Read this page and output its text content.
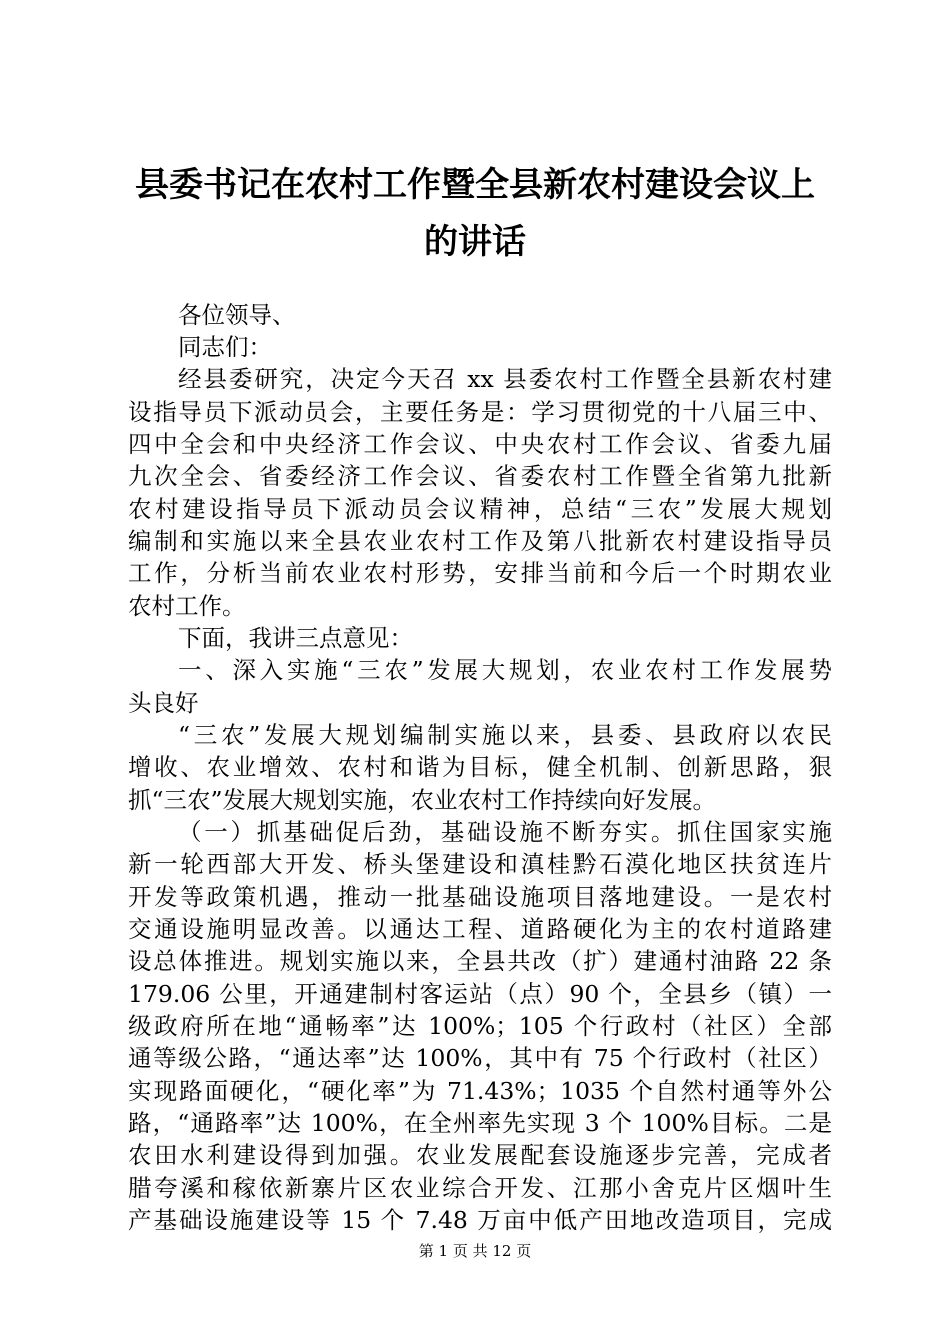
县委书记在农村工作暨全县新农村建设会议上
的讲话
各位领导、
同志们：
经县委研究，决定今天召 xx 县委农村工作暨全县新农村建
设指导员下派动员会，主要任务是：学习贯彻党的十八届三中、
四中全会和中央经济工作会议、中央农村工作会议、省委九届
九次全会、省委经济工作会议、省委农村工作暨全省第九批新
农村建设指导员下派动员会议精神，总结“三农”发展大规划
编制和实施以来全县农业农村工作及第八批新农村建设指导员
工作，分析当前农业农村形势，安排当前和今后一个时期农业
农村工作。
下面，我讲三点意见：
一、深入实施“三农”发展大规划，农业农村工作发展势
头良好
“三农”发展大规划编制实施以来，县委、县政府以农民
增收、农业增效、农村和谐为目标，健全机制、创新思路，狠
抓“三农”发展大规划实施，农业农村工作持续向好发展。
（一）抓基础促后劲，基础设施不断夯实。抓住国家实施
新一轮西部大开发、桥头堡建设和滇桂黔石漠化地区扶贫连片
开发等政策机遇，推动一批基础设施项目落地建设。一是农村
交通设施明显改善。以通达工程、道路硬化为主的农村道路建
设总体推进。规划实施以来，全县共改（扩）建通村油路 22 条
179.06 公里，开通建制村客运站（点）90 个，全县乡（镇）一
级政府所在地“通畅率”达 100%；105 个行政村（社区）全部
通等级公路，“通达率”达 100%，其中有 75 个行政村（社区）
实现路面硬化，“硬化率”为 71.43%；1035 个自然村通等外公
路，“通路率”达 100%，在全州率先实现 3 个 100%目标。二是
农田水利建设得到加强。农业发展配套设施逐步完善，完成者
腊夸溪和稼依新寨片区农业综合开发、江那小舍克片区烟叶生
产基础设施建设等 15 个 7.48 万亩中低产田地改造项目，完成
第 1 页 共 12 页
